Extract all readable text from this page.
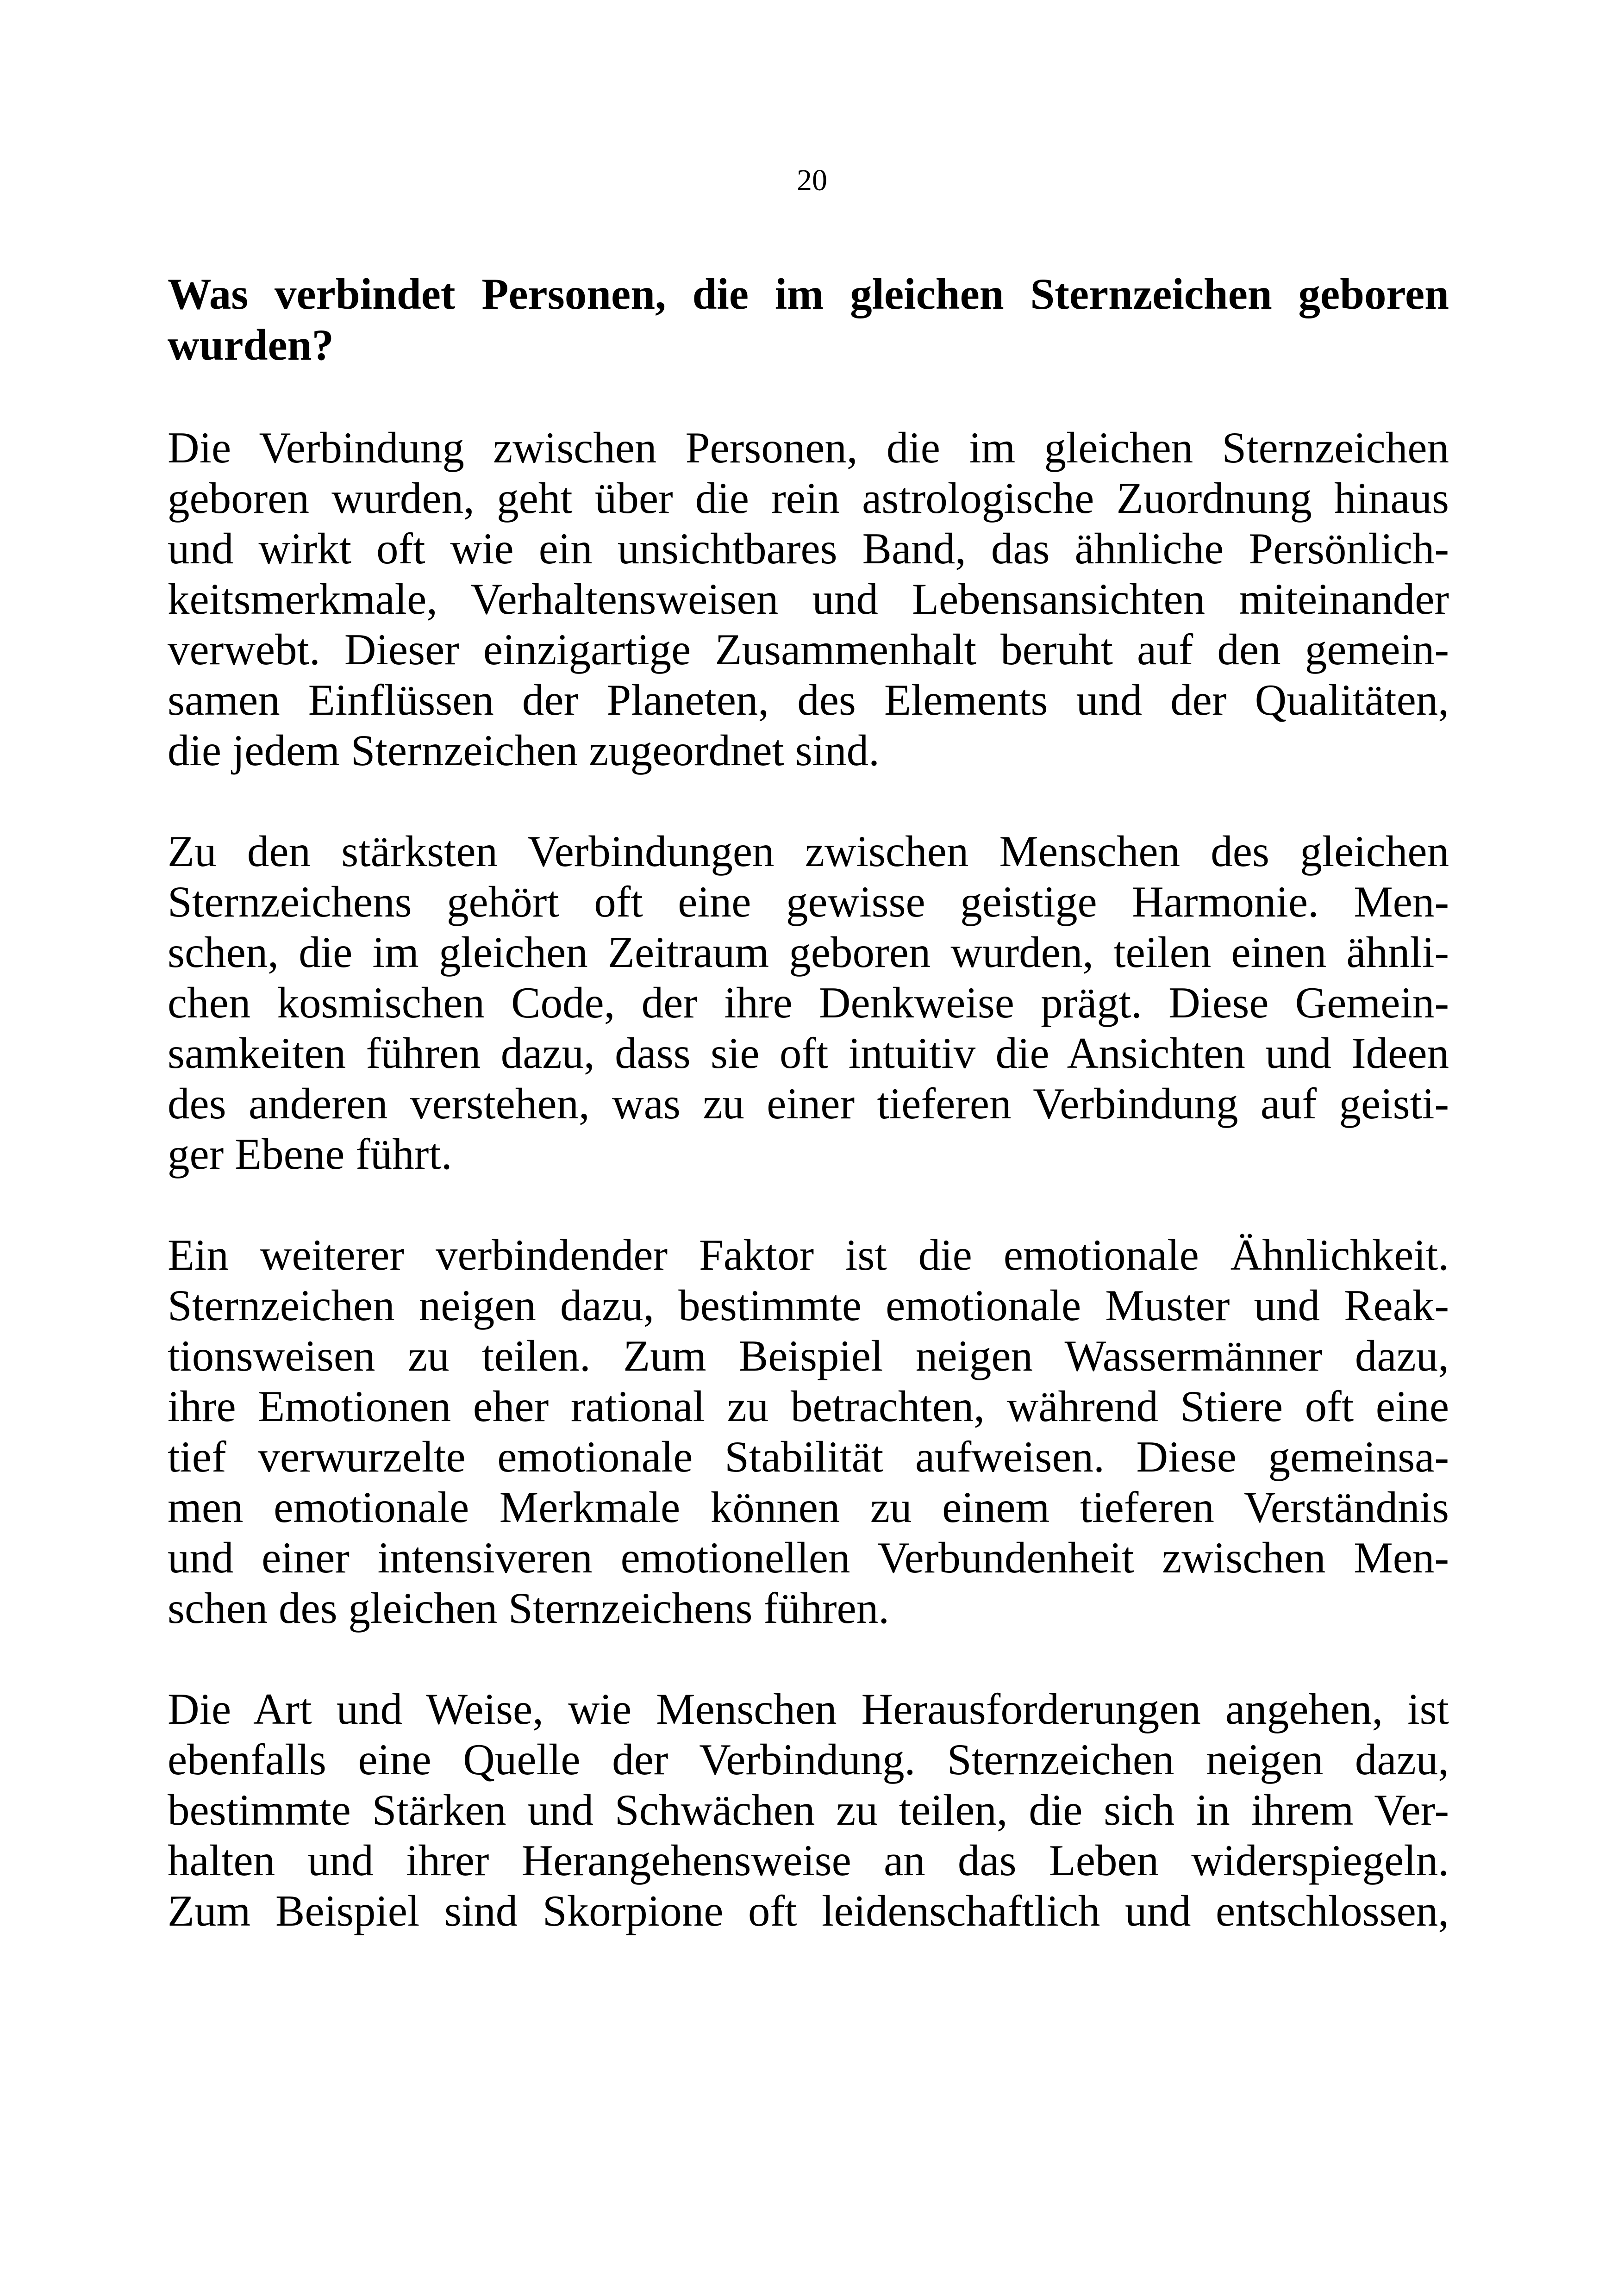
20
Was verbindet Personen, die im gleichen Sternzeichen geboren
wurden?

Die Verbindung zwischen Personen, die im gleichen Sternzeichen
geboren wurden, geht über die rein astrologische Zuordnung hinaus
und wirkt oft wie ein unsichtbares Band, das ähnliche Persönlich-
keitsmerkmale, Verhaltensweisen und Lebensansichten miteinander
verwebt. Dieser einzigartige Zusammenhalt beruht auf den gemein-
samen Einflüssen der Planeten, des Elements und der Qualitäten,
die jedem Sternzeichen zugeordnet sind.

Zu den stärksten Verbindungen zwischen Menschen des gleichen
Sternzeichens gehört oft eine gewisse geistige Harmonie. Men-
schen, die im gleichen Zeitraum geboren wurden, teilen einen ähnli-
chen kosmischen Code, der ihre Denkweise prägt. Diese Gemein-
samkeiten führen dazu, dass sie oft intuitiv die Ansichten und Ideen
des anderen verstehen, was zu einer tieferen Verbindung auf geisti-
ger Ebene führt.

Ein weiterer verbindender Faktor ist die emotionale Ähnlichkeit.
Sternzeichen neigen dazu, bestimmte emotionale Muster und Reak-
tionsweisen zu teilen. Zum Beispiel neigen Wassermänner dazu,
ihre Emotionen eher rational zu betrachten, während Stiere oft eine
tief verwurzelte emotionale Stabilität aufweisen. Diese gemeinsa-
men emotionale Merkmale können zu einem tieferen Verständnis
und einer intensiveren emotionellen Verbundenheit zwischen Men-
schen des gleichen Sternzeichens führen.

Die Art und Weise, wie Menschen Herausforderungen angehen, ist
ebenfalls eine Quelle der Verbindung. Sternzeichen neigen dazu,
bestimmte Stärken und Schwächen zu teilen, die sich in ihrem Ver-
halten und ihrer Herangehensweise an das Leben widerspiegeln.
Zum Beispiel sind Skorpione oft leidenschaftlich und entschlossen,
